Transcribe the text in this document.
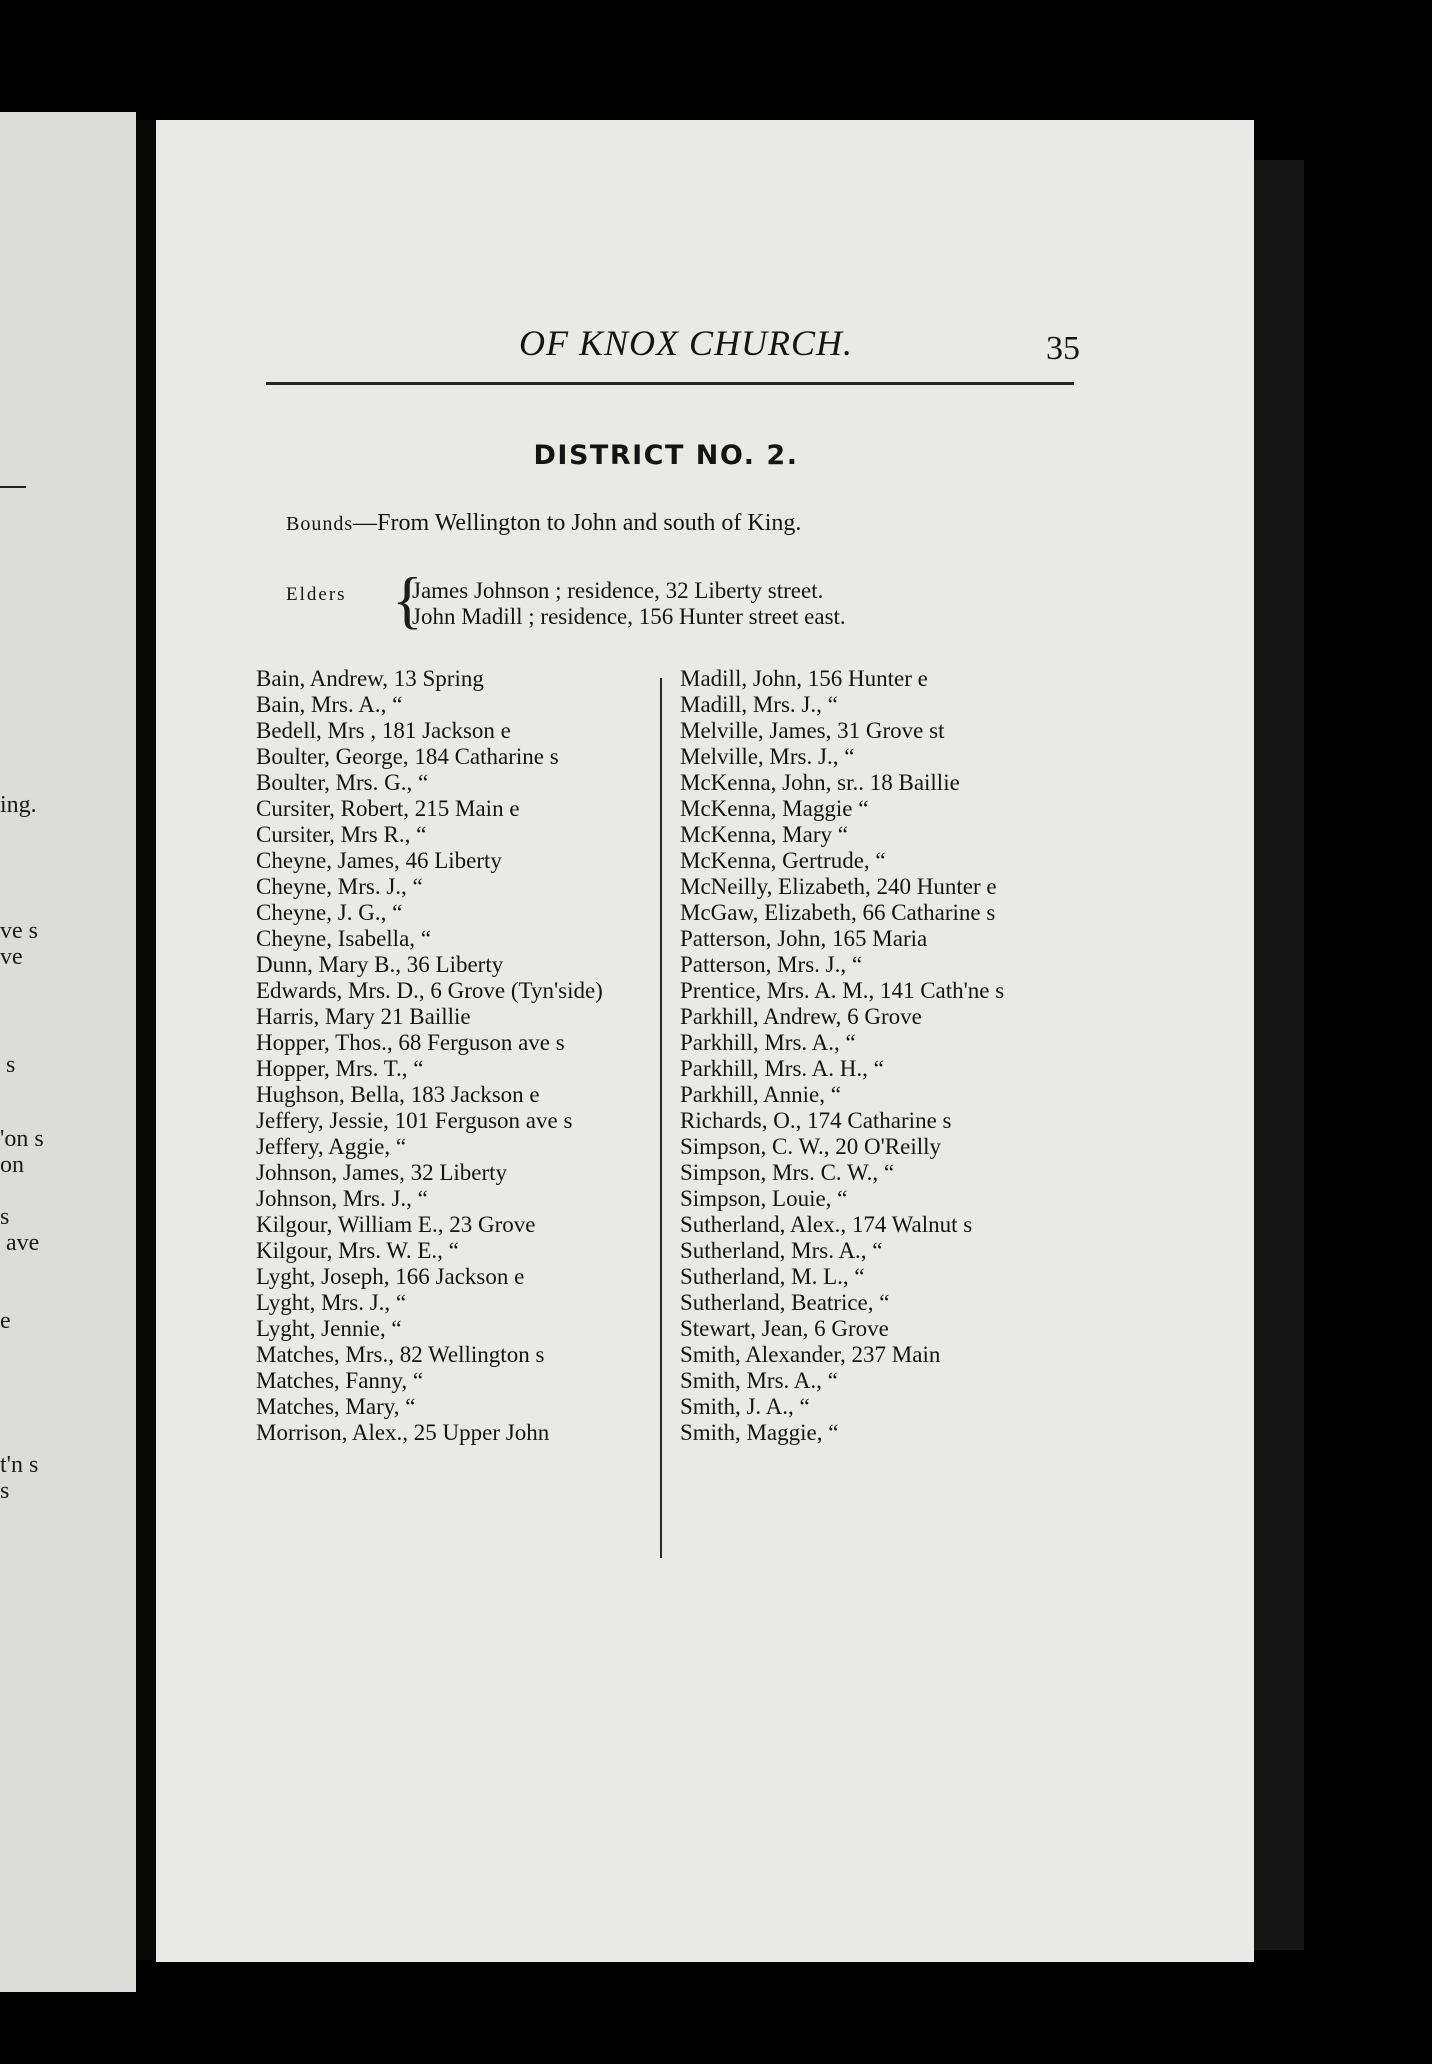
ing.
ve s
ve
s
'on s
on
s
ave
e
t'n s
s
OF KNOX CHURCH.	35
DISTRICT NO. 2.
Bounds—From Wellington to John and south of King.
Elders {
James Johnson ; residence, 32 Liberty street.
John Madill ; residence, 156 Hunter street east.
Bain, Andrew, 13 Spring
Bain, Mrs. A., “
Bedell, Mrs , 181 Jackson e
Boulter, George, 184 Catharine s
Boulter, Mrs. G., “
Cursiter, Robert, 215 Main e
Cursiter, Mrs R., “
Cheyne, James, 46 Liberty
Cheyne, Mrs. J., “
Cheyne, J. G., “
Cheyne, Isabella, “
Dunn, Mary B., 36 Liberty
Edwards, Mrs. D., 6 Grove (Tyn'side)
Harris, Mary 21 Baillie
Hopper, Thos., 68 Ferguson ave s
Hopper, Mrs. T., “
Hughson, Bella, 183 Jackson e
Jeffery, Jessie, 101 Ferguson ave s
Jeffery, Aggie, “
Johnson, James, 32 Liberty
Johnson, Mrs. J., “
Kilgour, William E., 23 Grove
Kilgour, Mrs. W. E., “
Lyght, Joseph, 166 Jackson e
Lyght, Mrs. J., “
Lyght, Jennie, “
Matches, Mrs., 82 Wellington s
Matches, Fanny, “
Matches, Mary, “
Morrison, Alex., 25 Upper John
Madill, John, 156 Hunter e
Madill, Mrs. J., “
Melville, James, 31 Grove st
Melville, Mrs. J., “
McKenna, John, sr.. 18 Baillie
McKenna, Maggie “
McKenna, Mary “
McKenna, Gertrude, “
McNeilly, Elizabeth, 240 Hunter e
McGaw, Elizabeth, 66 Catharine s
Patterson, John, 165 Maria
Patterson, Mrs. J., “
Prentice, Mrs. A. M., 141 Cath'ne s
Parkhill, Andrew, 6 Grove
Parkhill, Mrs. A., “
Parkhill, Mrs. A. H., “
Parkhill, Annie, “
Richards, O., 174 Catharine s
Simpson, C. W., 20 O'Reilly
Simpson, Mrs. C. W., “
Simpson, Louie, “
Sutherland, Alex., 174 Walnut s
Sutherland, Mrs. A., “
Sutherland, M. L., “
Sutherland, Beatrice, “
Stewart, Jean, 6 Grove
Smith, Alexander, 237 Main
Smith, Mrs. A., “
Smith, J. A., “
Smith, Maggie, “
